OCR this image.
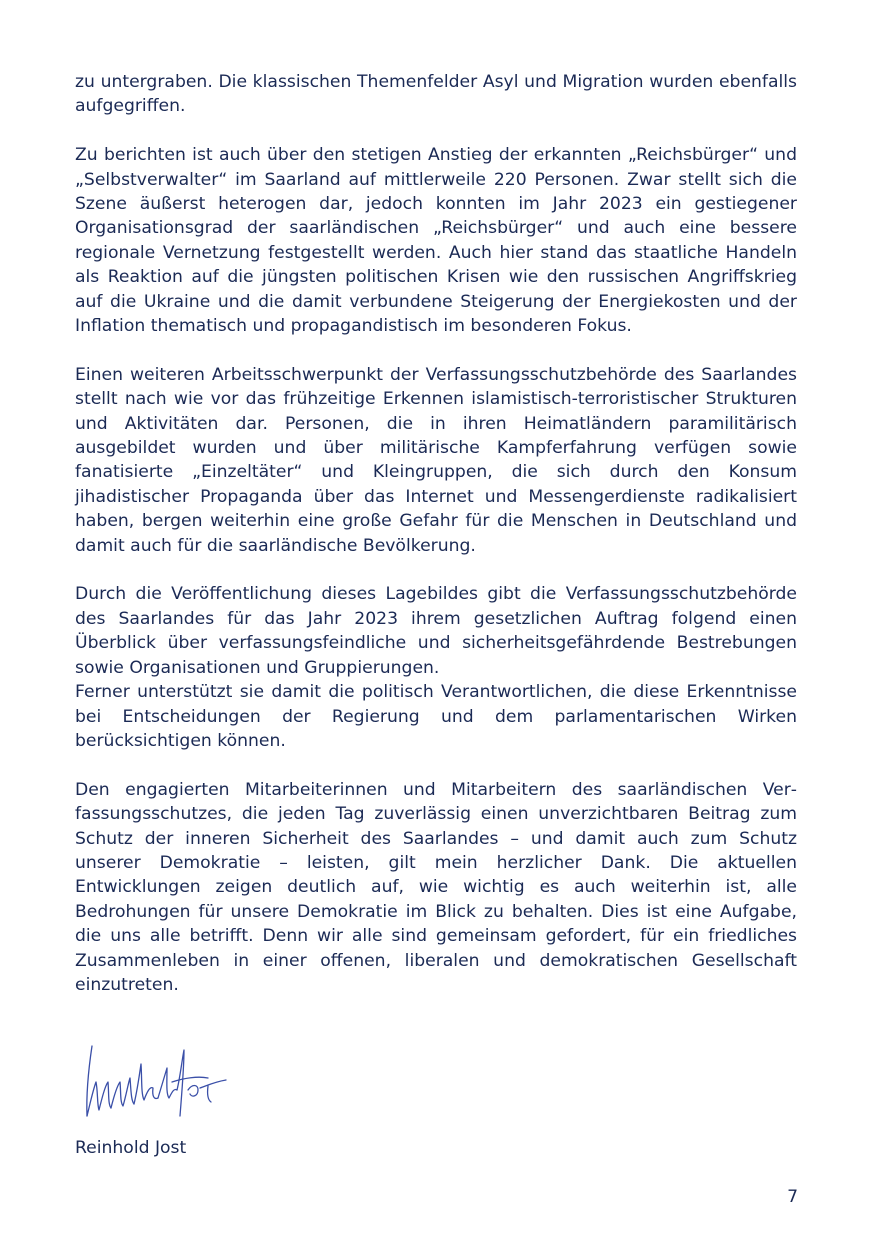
zu untergraben. Die klassischen Themenfelder Asyl und Migration wurden ebenfalls aufgegriffen.

Zu berichten ist auch über den stetigen Anstieg der erkannten „Reichsbürger“ und „Selbstverwalter“ im Saarland auf mittlerweile 220 Personen. Zwar stellt sich die Szene äußerst heterogen dar, jedoch konnten im Jahr 2023 ein gestiegener Organisationsgrad der saarländischen „Reichsbürger“ und auch eine bessere regionale Vernetzung festgestellt werden. Auch hier stand das staatliche Handeln als Reaktion auf die jüngsten politischen Krisen wie den russischen Angriffskrieg auf die Ukraine und die damit verbundene Steigerung der Energiekosten und der Inflation thematisch und propagandistisch im besonderen Fokus.

Einen weiteren Arbeitsschwerpunkt der Verfassungsschutzbehörde des Saarlandes stellt nach wie vor das frühzeitige Erkennen islamistisch-terroristischer Strukturen und Aktivitäten dar. Personen, die in ihren Heimatländern paramilitärisch ausgebildet wurden und über militärische Kampferfahrung verfügen sowie fanatisierte „Einzeltäter“ und Kleingruppen, die sich durch den Konsum jihadistischer Propaganda über das Internet und Messengerdienste radikalisiert haben, bergen weiterhin eine große Gefahr für die Menschen in Deutschland und damit auch für die saarländische Bevölkerung.

Durch die Veröffentlichung dieses Lagebildes gibt die Verfassungsschutzbehörde des Saarlandes für das Jahr 2023 ihrem gesetzlichen Auftrag folgend einen Überblick über verfassungsfeindliche und sicherheitsgefährdende Bestrebungen sowie Organisationen und Gruppierungen.

Ferner unterstützt sie damit die politisch Verantwortlichen, die diese Erkenntnisse bei Entscheidungen der Regierung und dem parlamentarischen Wirken berücksichtigen können.

Den engagierten Mitarbeiterinnen und Mitarbeitern des saarländischen Verfassungsschutzes, die jeden Tag zuverlässig einen unverzichtbaren Beitrag zum Schutz der inneren Sicherheit des Saarlandes – und damit auch zum Schutz unserer Demokratie – leisten, gilt mein herzlicher Dank. Die aktuellen Entwicklungen zeigen deutlich auf, wie wichtig es auch weiterhin ist, alle Bedrohungen für unsere Demokratie im Blick zu behalten. Dies ist eine Aufgabe, die uns alle betrifft. Denn wir alle sind gemeinsam gefordert, für ein friedliches Zusammenleben in einer offenen, liberalen und demokratischen Gesellschaft einzutreten.

Reinhold Jost
7
